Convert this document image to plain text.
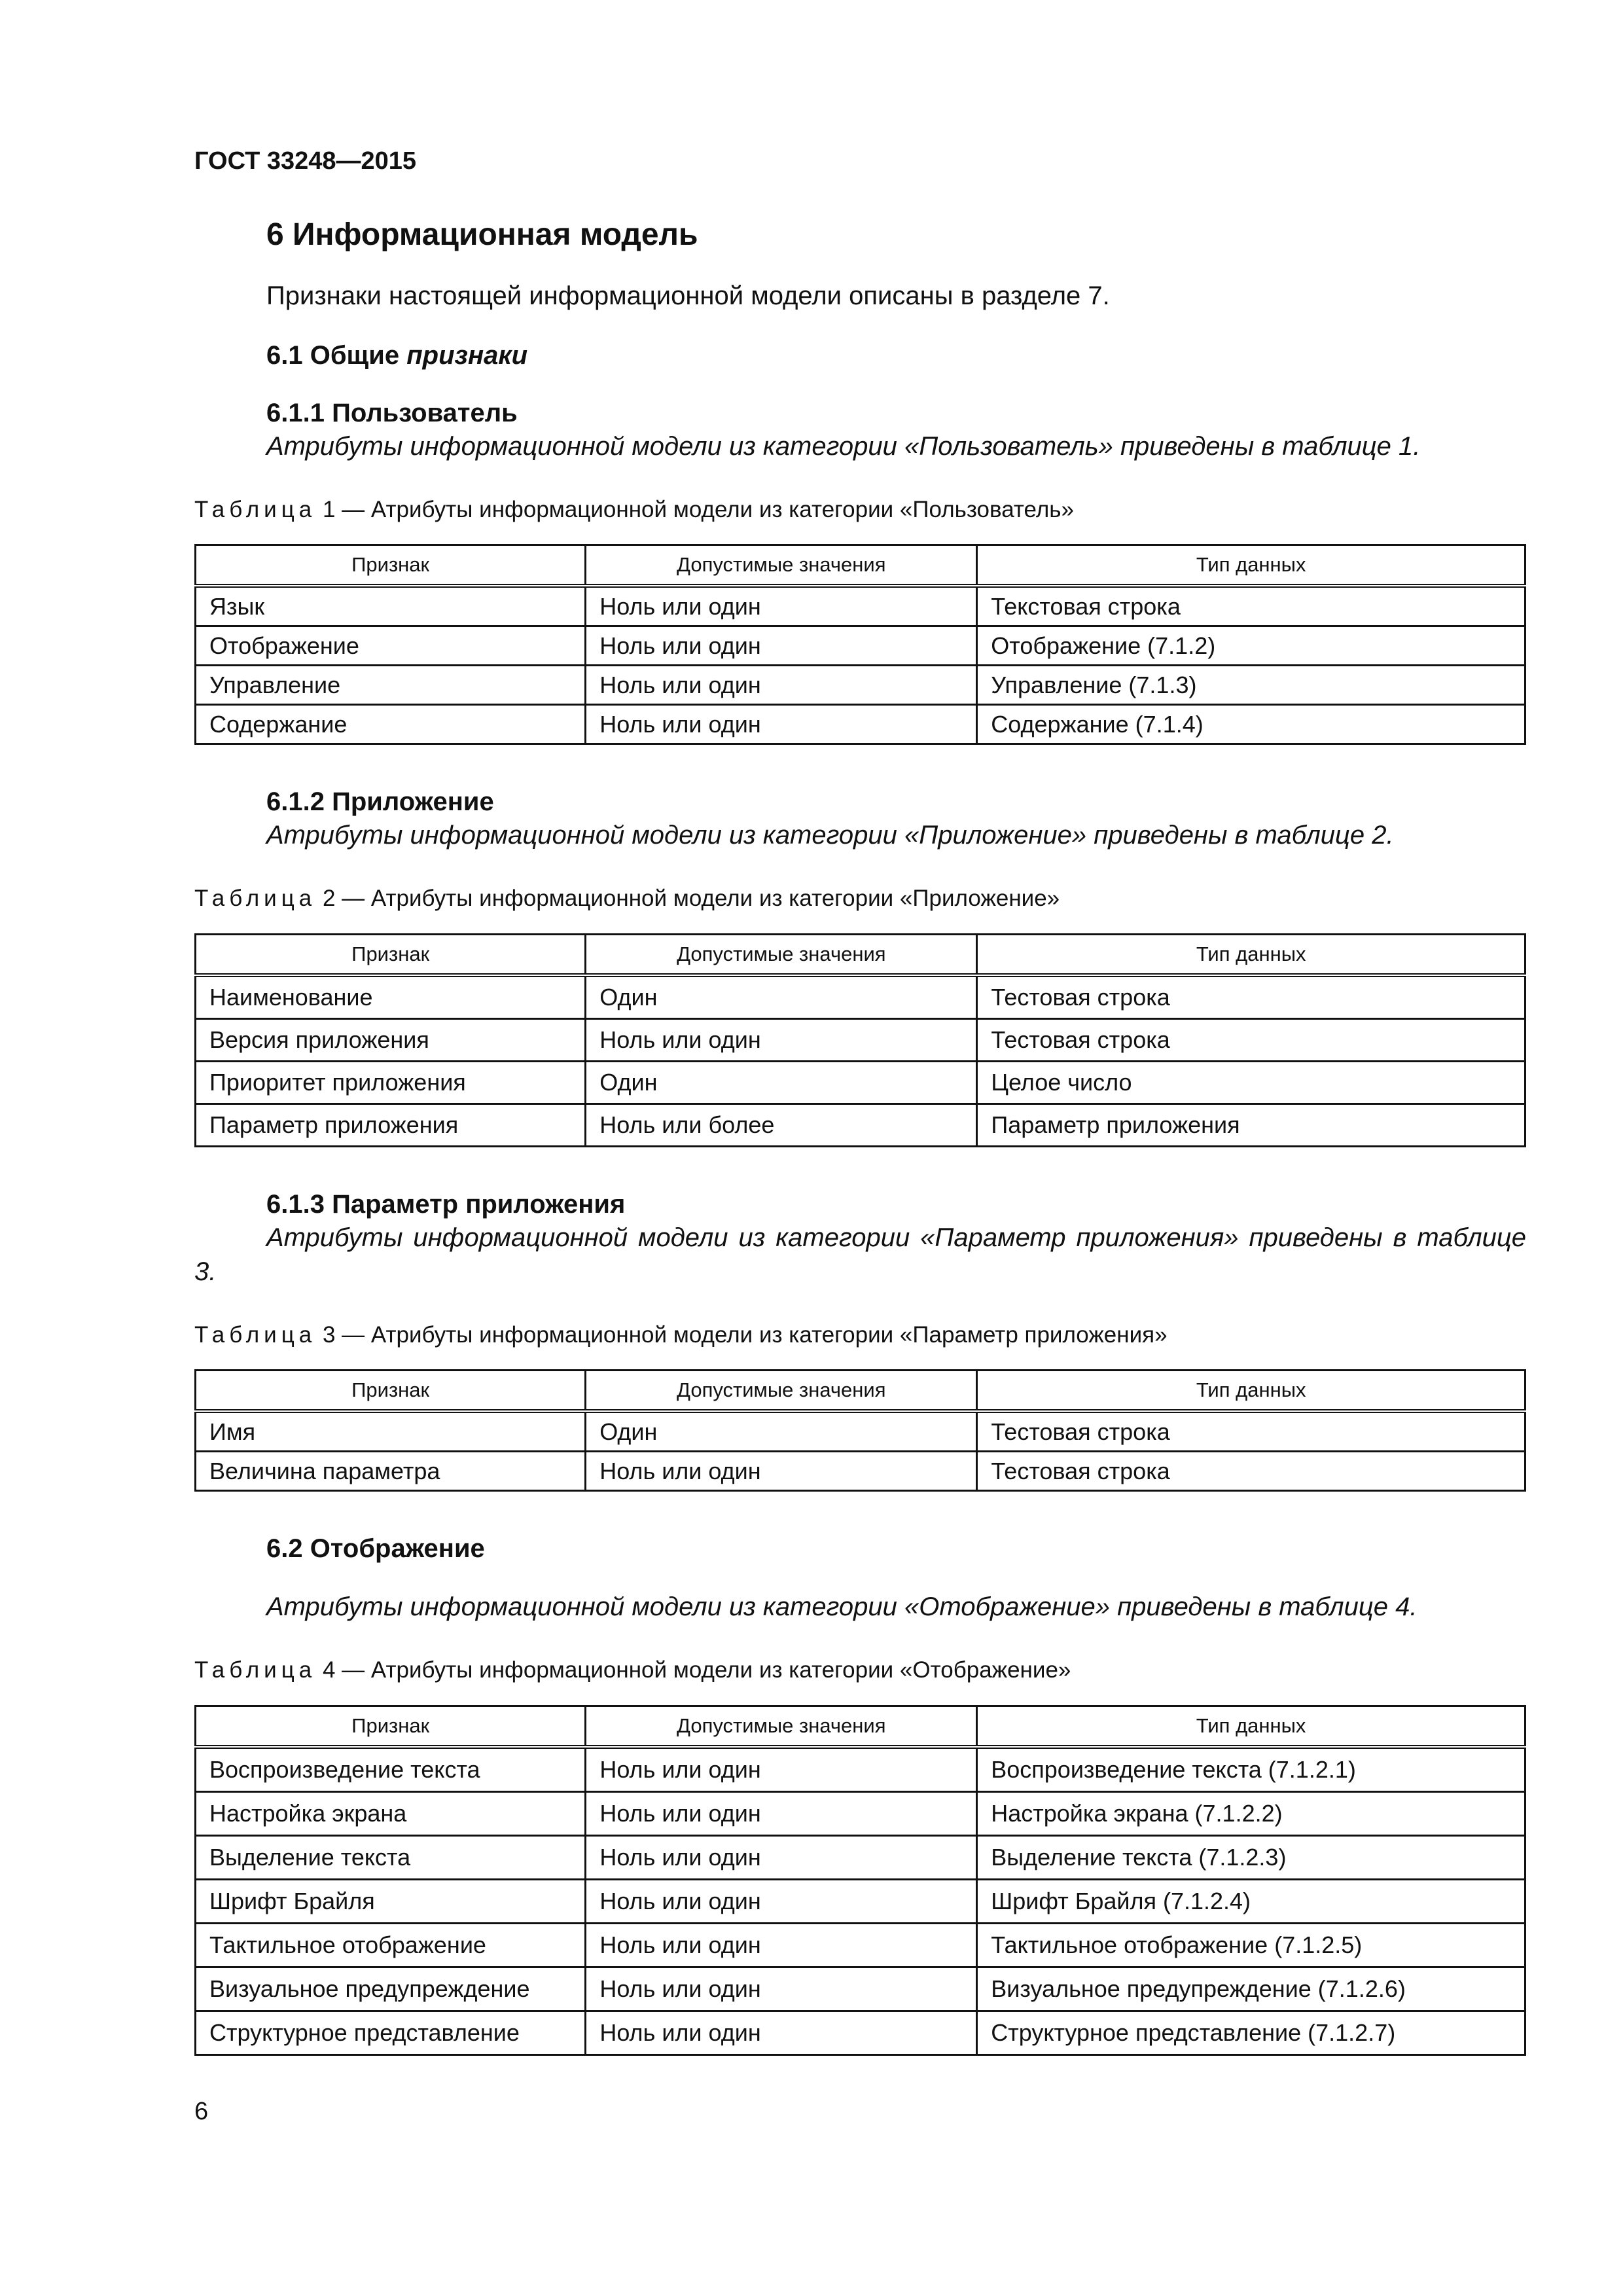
ГОСТ 33248—2015

6 Информационная модель

Признаки настоящей информационной модели описаны в разделе 7.

6.1 Общие признаки
6.1.1 Пользователь

Атрибуты информационной модели из категории «Пользователь» приведены в таблице 1.

Таблица 1 — Атрибуты информационной модели из категории «Пользователь»

Признак	Допустимые значения	Тип данных
Язык	Ноль или один	Текстовая строка
Отображение	Ноль или один	Отображение (7.1.2)
Управление	Ноль или один	Управление (7.1.3)
Содержание	Ноль или один	Содержание (7.1.4)
6.1.2 Приложение

Атрибуты информационной модели из категории «Приложение» приведены в таблице 2.

Таблица 2 — Атрибуты информационной модели из категории «Приложение»

Признак	Допустимые значения	Тип данных
Наименование	Один	Тестовая строка
Версия приложения	Ноль или один	Тестовая строка
Приоритет приложения	Один	Целое число
Параметр приложения	Ноль или более	Параметр приложения
6.1.3 Параметр приложения

Атрибуты информационной модели из категории «Параметр приложения» приведены в таблице 3.

Таблица 3 — Атрибуты информационной модели из категории «Параметр приложения»

Признак	Допустимые значения	Тип данных
Имя	Один	Тестовая строка
Величина параметра	Ноль или один	Тестовая строка
6.2 Отображение

Атрибуты информационной модели из категории «Отображение» приведены в таблице 4.

Таблица 4 — Атрибуты информационной модели из категории «Отображение»

Признак	Допустимые значения	Тип данных
Воспроизведение текста	Ноль или один	Воспроизведение текста (7.1.2.1)
Настройка экрана	Ноль или один	Настройка экрана (7.1.2.2)
Выделение текста	Ноль или один	Выделение текста (7.1.2.3)
Шрифт Брайля	Ноль или один	Шрифт Брайля (7.1.2.4)
Тактильное отображение	Ноль или один	Тактильное отображение (7.1.2.5)
Визуальное предупреждение	Ноль или один	Визуальное предупреждение (7.1.2.6)
Структурное представление	Ноль или один	Структурное представление (7.1.2.7)

6
